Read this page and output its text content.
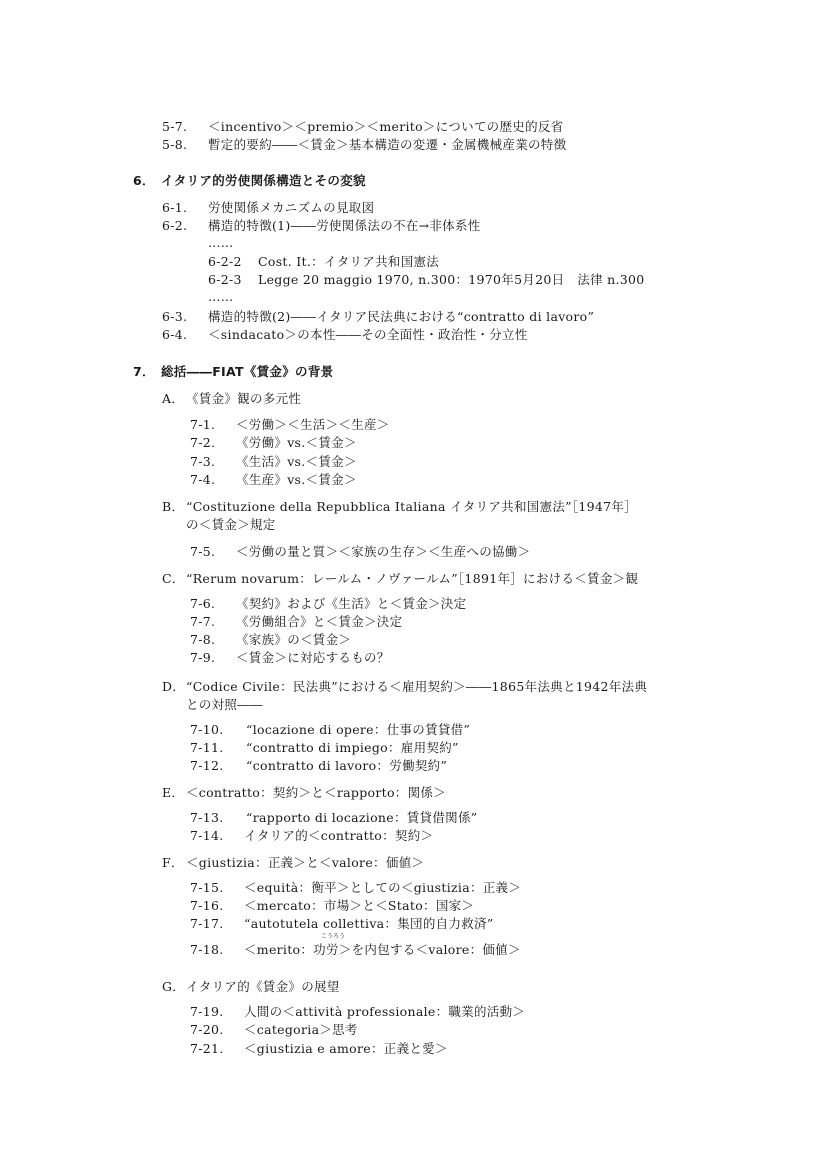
5-7. ＜incentivo＞＜premio＞＜merito＞についての歴史的反省
5-8. 暫定的要約――＜賃金＞基本構造の変遷・金属機械産業の特徴
6． イタリア的労使関係構造とその変貌
6-1. 労使関係メカニズムの見取図
6-2. 構造的特徴(1)――労使関係法の不在→非体系性
……
6-2-2 Cost. It.：イタリア共和国憲法
6-2-3 Legge 20 maggio 1970, n.300：1970年5月20日　法律 n.300
……
6-3. 構造的特徴(2)――イタリア民法典における“contratto di lavoro”
6-4. ＜sindacato＞の本性――その全面性・政治性・分立性
7． 総括――FIAT《賃金》の背景
A． 《賃金》観の多元性
7-1. ＜労働＞＜生活＞＜生産＞
7-2. 《労働》vs.＜賃金＞
7-3. 《生活》vs.＜賃金＞
7-4. 《生産》vs.＜賃金＞
B． “Costituzione della Repubblica Italiana イタリア共和国憲法”［1947年］
の＜賃金＞規定
7-5. ＜労働の量と質＞＜家族の生存＞＜生産への協働＞
C．“Rerum novarum：レールム・ノヴァールム”［1891年］における＜賃金＞観
7-6. 《契約》および《生活》と＜賃金＞決定
7-7. 《労働組合》と＜賃金＞決定
7-8. 《家族》の＜賃金＞
7-9. ＜賃金＞に対応するもの？
D．“Codice Civile：民法典”における＜雇用契約＞――1865年法典と1942年法典
との対照――
7-10. “locazione di opere：仕事の賃貸借”
7-11. “contratto di impiego：雇用契約”
7-12. “contratto di lavoro：労働契約”
E． ＜contratto：契約＞と＜rapporto：関係＞
7-13. “rapporto di locazione：賃貸借関係”
7-14. イタリア的＜contratto：契約＞
F． ＜giustizia：正義＞と＜valore：価値＞
7-15. ＜equità：衡平＞としての＜giustizia：正義＞
7-16. ＜mercato：市場＞と＜Stato：国家＞
7-17. “autotutela collettiva：集団的自力救済”
こうろう
7-18. ＜merito：功労＞を内包する＜valore：価値＞
G．イタリア的《賃金》の展望
7-19. 人間の＜attività professionale：職業的活動＞
7-20. ＜categoria＞思考
7-21. ＜giustizia e amore：正義と愛＞
